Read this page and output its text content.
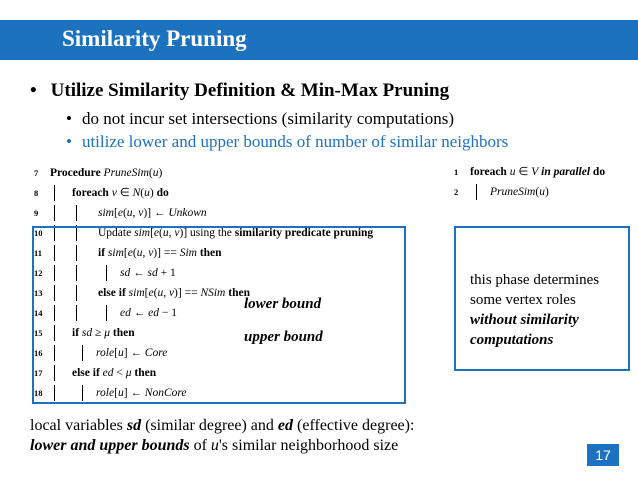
Similarity Pruning
• Utilize Similarity Definition & Min-Max Pruning
• do not incur set intersections (similarity computations)
• utilize lower and upper bounds of number of similar neighbors
7	Procedure PruneSim(u)
8	foreach v ∈ N(u) do
9	sim[e(u, v)] ← Unkown
10	Update sim[e(u, v)] using the similarity predicate pruning
11	if sim[e(u, v)] == Sim then
12	sd ← sd + 1
13	else if sim[e(u, v)] == NSim then
14	ed ← ed − 1
15	if sd ≥ μ then
16	role[u] ← Core
17	else if ed < μ then
18	role[u] ← NonCore
lower bound
upper bound
1	foreach u ∈ V in parallel do
2	PruneSim(u)
this phase determines
some vertex roles
without similarity
computations
local variables sd (similar degree) and ed (effective degree):
lower and upper bounds of u's similar neighborhood size
17
